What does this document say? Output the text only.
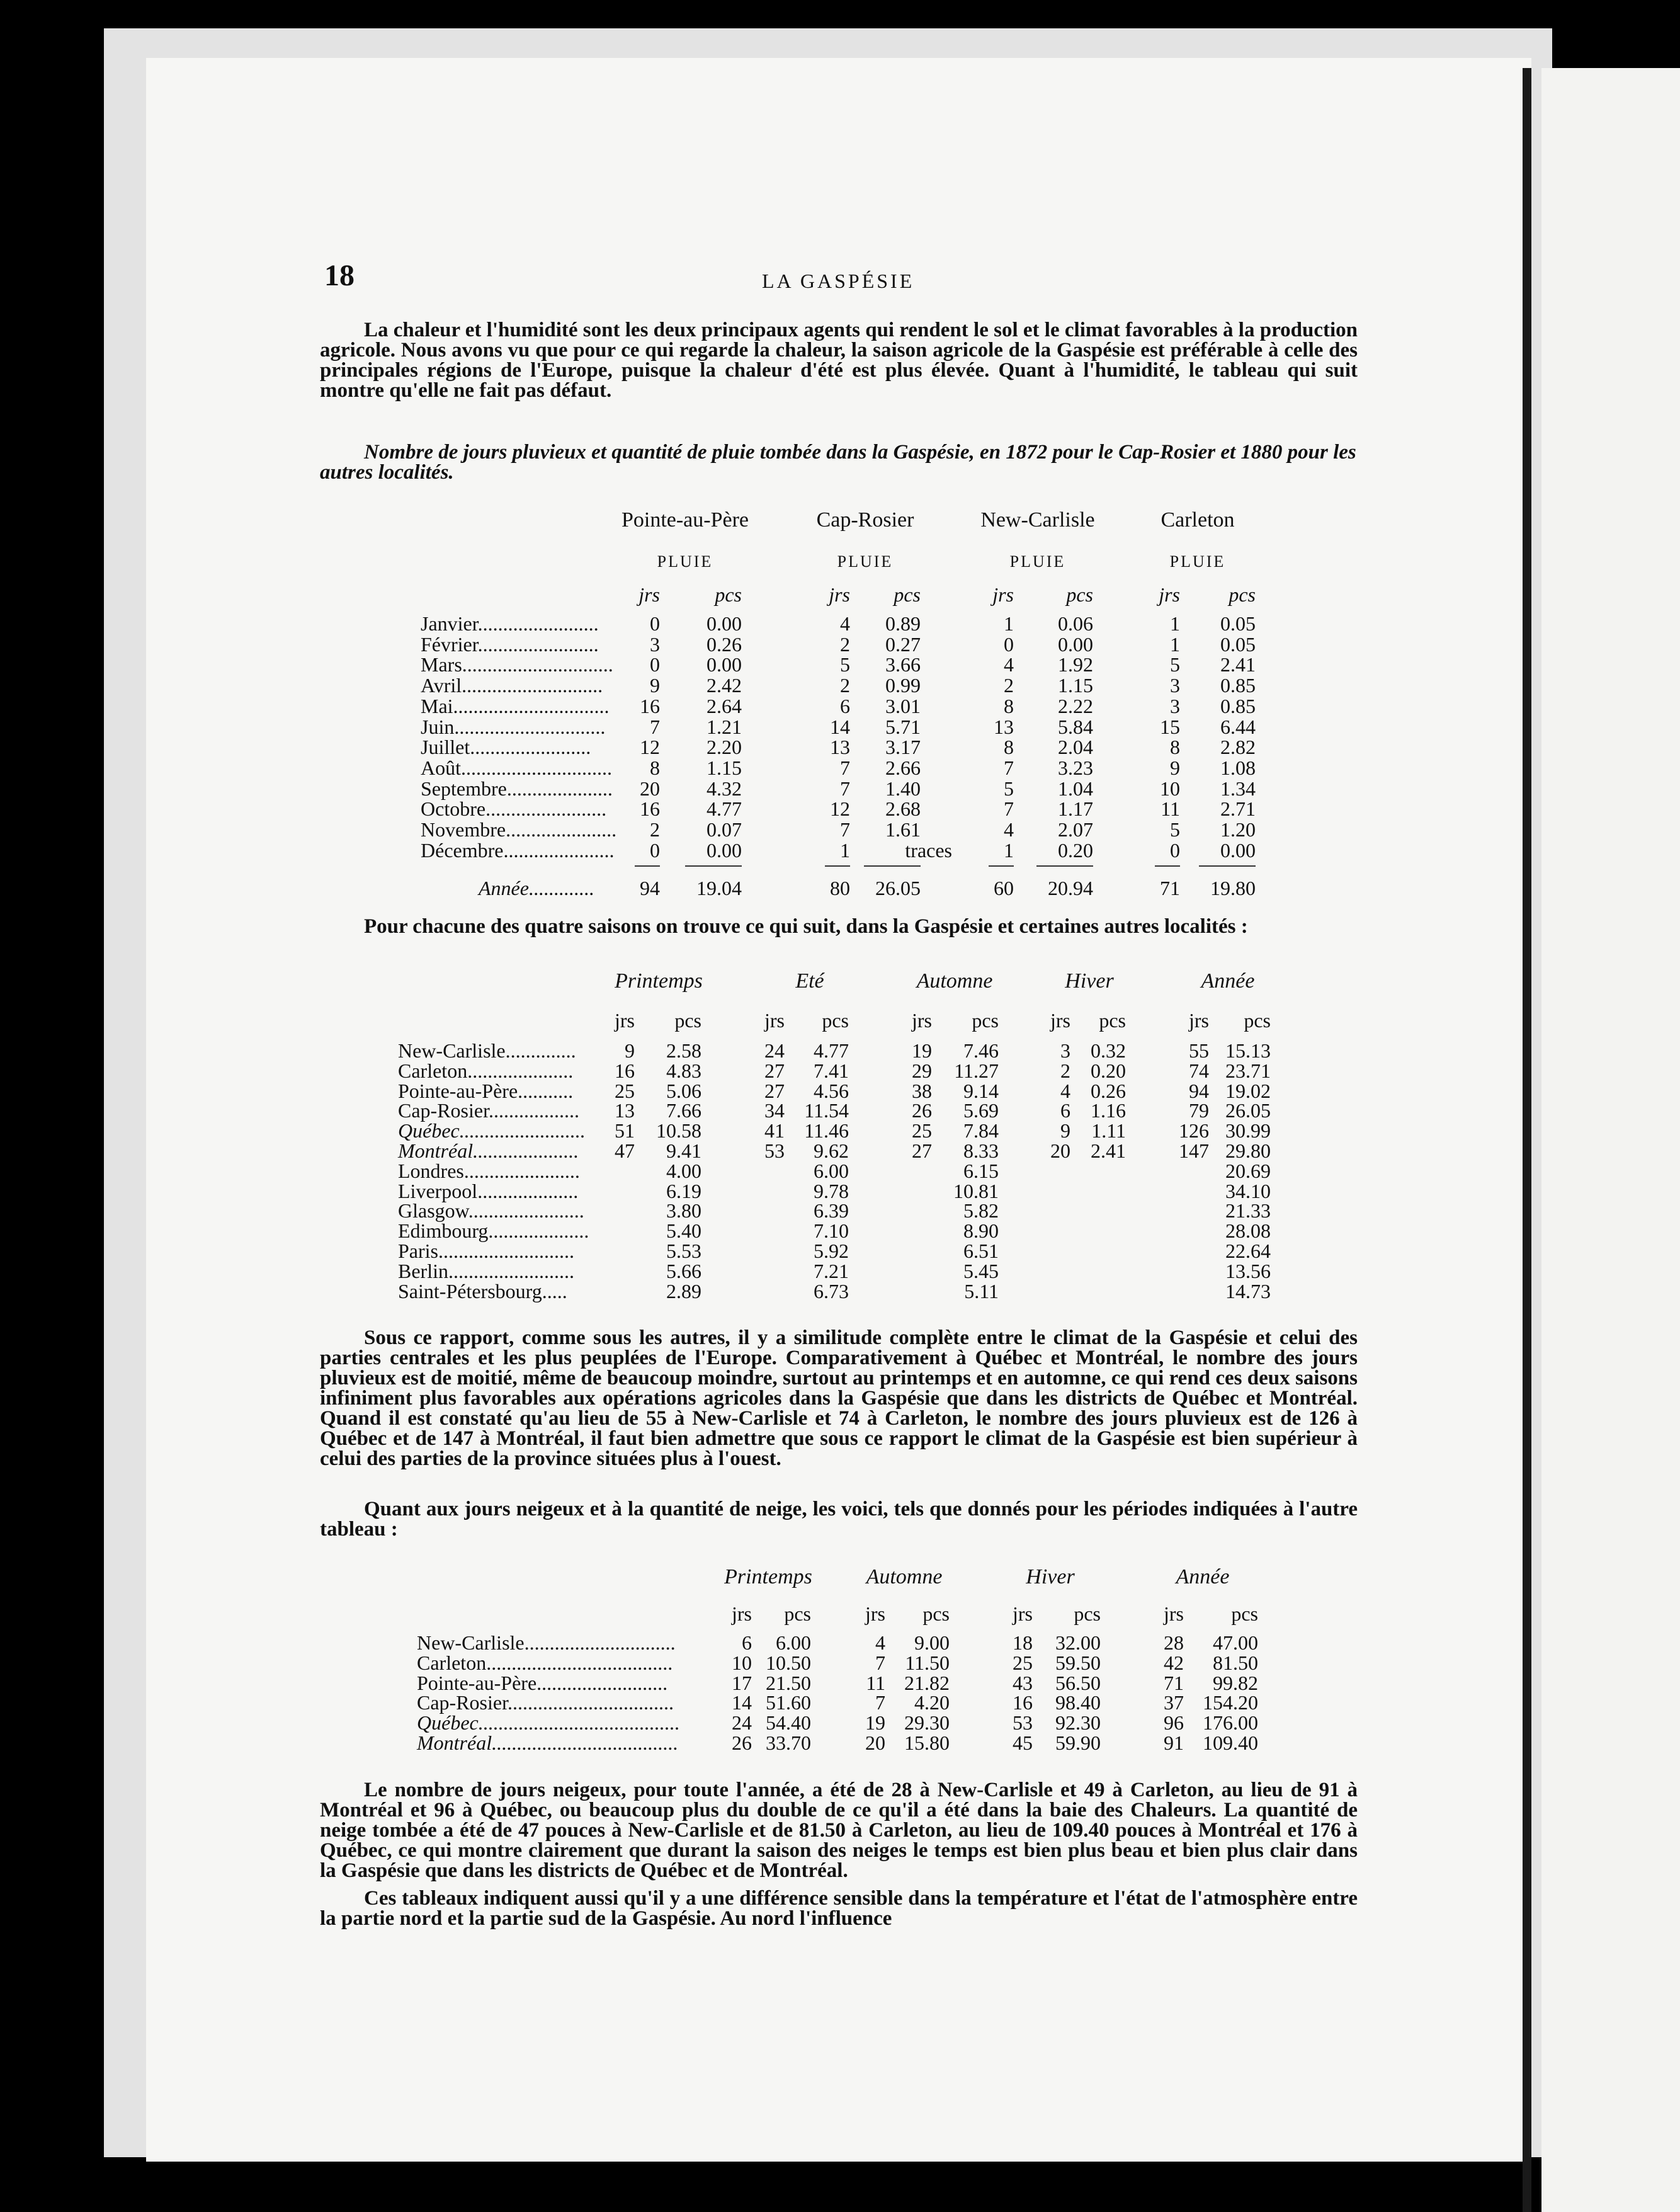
18	LA GASPÉSIE
La chaleur et l'humidité sont les deux principaux agents qui rendent le sol et le climat favorables à la production agricole. Nous avons vu que pour ce qui regarde la chaleur, la saison agricole de la Gaspésie est préférable à celle des principales régions de l'Europe, puisque la chaleur d'été est plus élevée. Quant à l'humidité, le tableau qui suit montre qu'elle ne fait pas défaut.
Nombre de jours pluvieux et quantité de pluie tombée dans la Gaspésie, en 1872 pour le Cap-Rosier et 1880 pour les autres localités.
Pointe-au-Père
PLUIE
Cap-Rosier
PLUIE
New-Carlisle
PLUIE
Carleton
PLUIE
jrs	pcs	jrs pcs	jrs	pcs	jrs pcs
Janvier........................	0 0.00	4 0.89	1 0.06	1 0.05
Février........................	3 0.26	2 0.27	0 0.00	1 0.05
Mars.............................. 0 0.00	5 3.66	4 1.92	5 2.41
Avril............................ 9 2.42	2 0.99	2 1.15	3 0.85
Mai............................... 16 2.64	6 3.01	8 2.22	3 0.85
Juin.............................. 7 1.21	14 5.71	13 5.84	15 6.44
Juillet........................ 12 2.20	13 3.17	8 2.04	8 2.82
Août.............................. 8 1.15	7 2.66	7 3.23	9 1.08
Septembre..................... 20 4.32	7 1.40	5 1.04	10 1.34
Octobre........................ 16 4.77	12 2.68	7 1.17	11 2.71
Novembre...................... 2 0.07	7 1.61	4 2.07	5 1.20
Décembre...................... 0 0.00	1	traces	1 0.20	0 0.00
Année............. 94 19.04	80 26.05	60 20.94	71 19.80
Pour chacune des quatre saisons on trouve ce qui suit, dans la Gaspésie et certaines autres localités :
Printemps	Eté	Automne	Hiver	Année
jrs pcs	jrs pcs	jrs pcs	jrs pcs	jrs pcs
New-Carlisle.............. 9 2.58	24 4.77	19 7.46	3 0.32	55 15.13
Carleton..................... 16 4.83	27 7.41	29 11.27	2 0.20	74 23.71
Pointe-au-Père........... 25 5.06	27 4.56	38 9.14	4 0.26	94 19.02
Cap-Rosier.................. 13 7.66	34 11.54	26 5.69	6 1.16	79 26.05
Québec......................... 51 10.58	41 11.46	25 7.84	9 1.11	126 30.99
Montréal..................... 47 9.41	53 9.62	27 8.33	20 2.41	147 29.80
Londres.......................	4.00	6.00	6.15	20.69
Liverpool....................	6.19	9.78	10.81	34.10
Glasgow.......................	3.80	6.39	5.82	21.33
Edimbourg....................	5.40	7.10	8.90	28.08
Paris...........................	5.53	5.92	6.51	22.64
Berlin.........................	5.66	7.21	5.45	13.56
Saint-Pétersbourg.....	2.89	6.73	5.11	14.73
Sous ce rapport, comme sous les autres, il y a similitude complète entre le climat de la Gaspésie et celui des parties centrales et les plus peuplées de l'Europe. Comparativement à Québec et Montréal, le nombre des jours pluvieux est de moitié, même de beaucoup moindre, surtout au printemps et en automne, ce qui rend ces deux saisons infiniment plus favorables aux opérations agricoles dans la Gaspésie que dans les districts de Québec et Montréal. Quand il est constaté qu'au lieu de 55 à New-Carlisle et 74 à Carleton, le nombre des jours pluvieux est de 126 à Québec et de 147 à Montréal, il faut bien admettre que sous ce rapport le climat de la Gaspésie est bien supérieur à celui des parties de la province situées plus à l'ouest.
Quant aux jours neigeux et à la quantité de neige, les voici, tels que donnés pour les périodes indiquées à l'autre tableau :
Printemps	Automne	Hiver	Année
jrs pcs	jrs pcs	jrs pcs	jrs pcs
New-Carlisle..............................	6 6.00	4 9.00	18 32.00	28 47.00
Carleton.....................................	10 10.50	7 11.50	25 59.50	42 81.50
Pointe-au-Père..........................	17 21.50	11 21.82	43 56.50	71 99.82
Cap-Rosier.................................	14 51.60	7 4.20	16 98.40	37 154.20
Québec........................................	24 54.40	19 29.30	53 92.30	96 176.00
Montréal.....................................	26 33.70	20 15.80	45 59.90	91 109.40
Le nombre de jours neigeux, pour toute l'année, a été de 28 à New-Carlisle et 49 à Carleton, au lieu de 91 à Montréal et 96 à Québec, ou beaucoup plus du double de ce qu'il a été dans la baie des Chaleurs. La quantité de neige tombée a été de 47 pouces à New-Carlisle et de 81.50 à Carleton, au lieu de 109.40 pouces à Montréal et 176 à Québec, ce qui montre clairement que durant la saison des neiges le temps est bien plus beau et bien plus clair dans la Gaspésie que dans les districts de Québec et de Montréal.
Ces tableaux indiquent aussi qu'il y a une différence sensible dans la température et l'état de l'atmosphère entre la partie nord et la partie sud de la Gaspésie. Au nord l'influence
